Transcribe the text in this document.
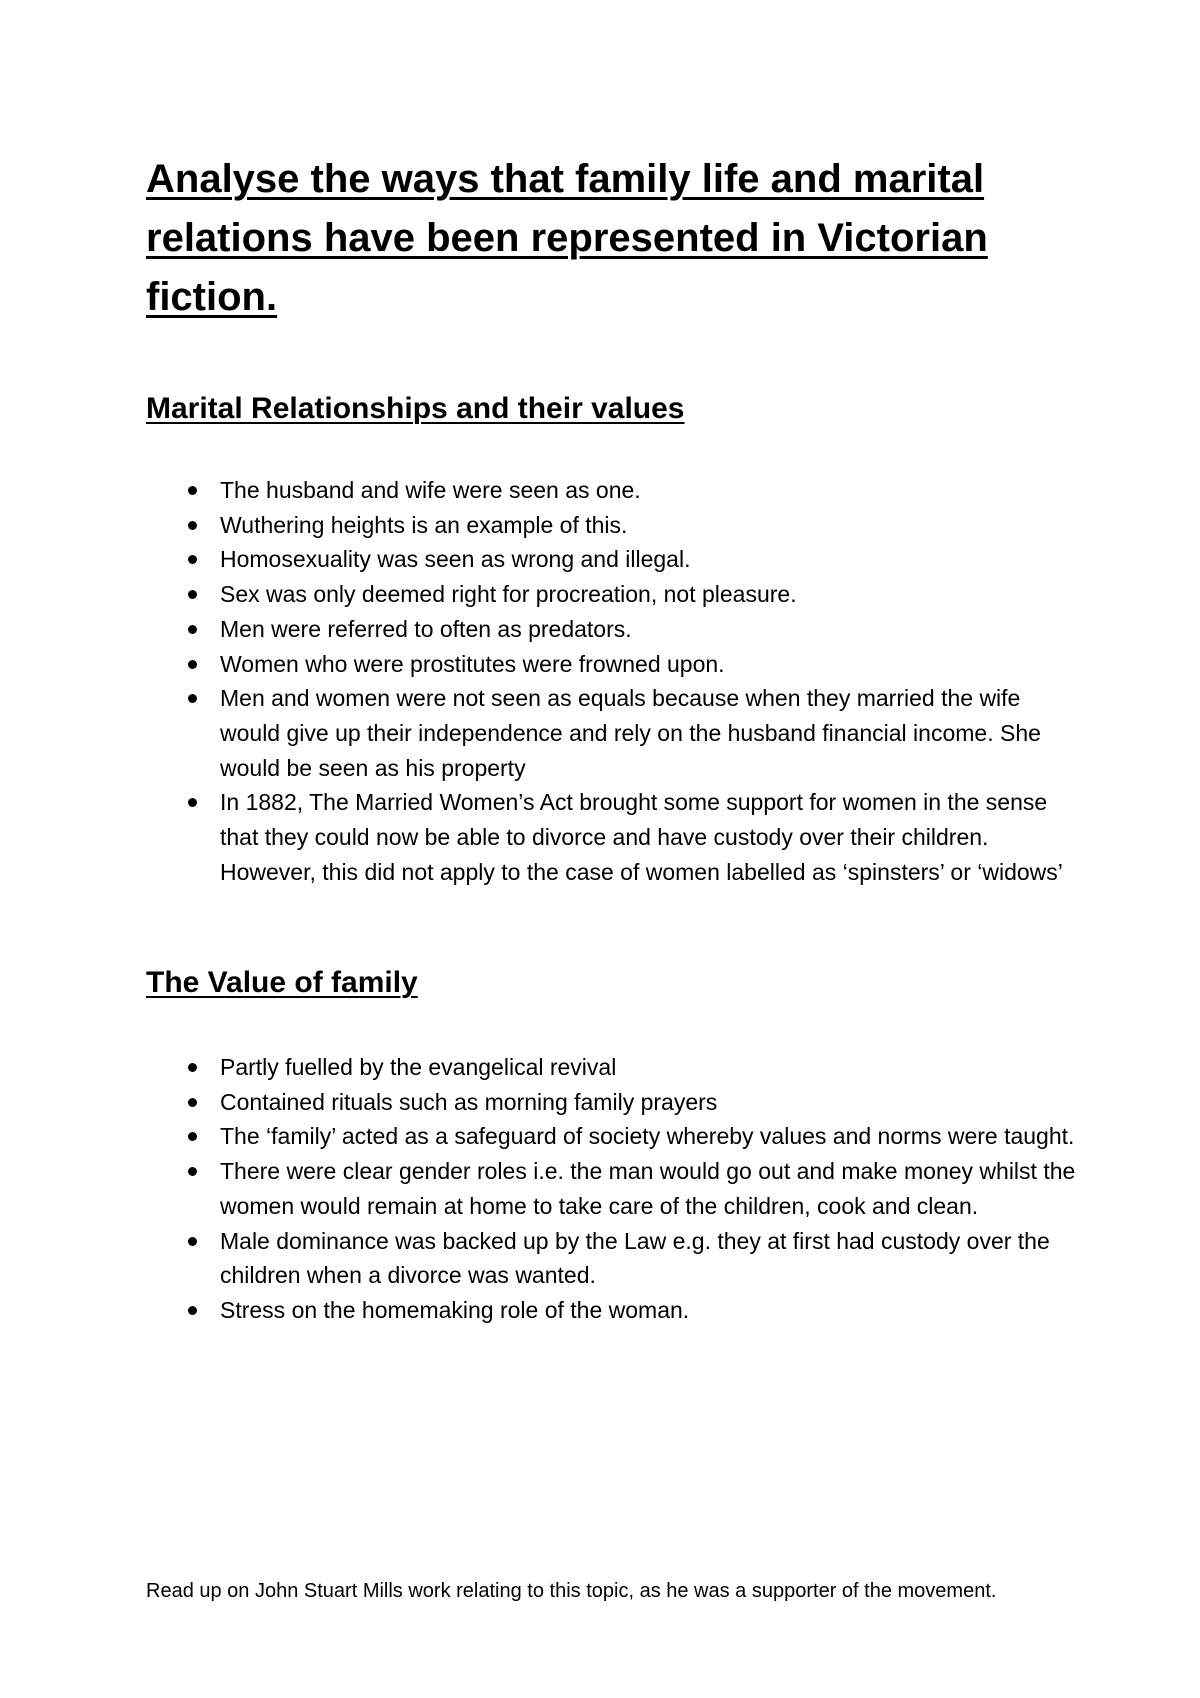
Analyse the ways that family life and marital relations have been represented in Victorian fiction.
Marital Relationships and their values
The husband and wife were seen as one.
Wuthering heights is an example of this.
Homosexuality was seen as wrong and illegal.
Sex was only deemed right for procreation, not pleasure.
Men were referred to often as predators.
Women who were prostitutes were frowned upon.
Men and women were not seen as equals because when they married the wife would give up their independence and rely on the husband financial income. She would be seen as his property
In 1882, The Married Women’s Act brought some support for women in the sense that they could now be able to divorce and have custody over their children. However, this did not apply to the case of women labelled as ‘spinsters’ or ‘widows’
The Value of family
Partly fuelled by the evangelical revival
Contained rituals such as morning family prayers
The ‘family’ acted as a safeguard of society whereby values and norms were taught.
There were clear gender roles i.e. the man would go out and make money whilst the women would remain at home to take care of the children, cook and clean.
Male dominance was backed up by the Law e.g. they at first had custody over the children when a divorce was wanted.
Stress on the homemaking role of the woman.

Read up on John Stuart Mills work relating to this topic, as he was a supporter of the movement.
